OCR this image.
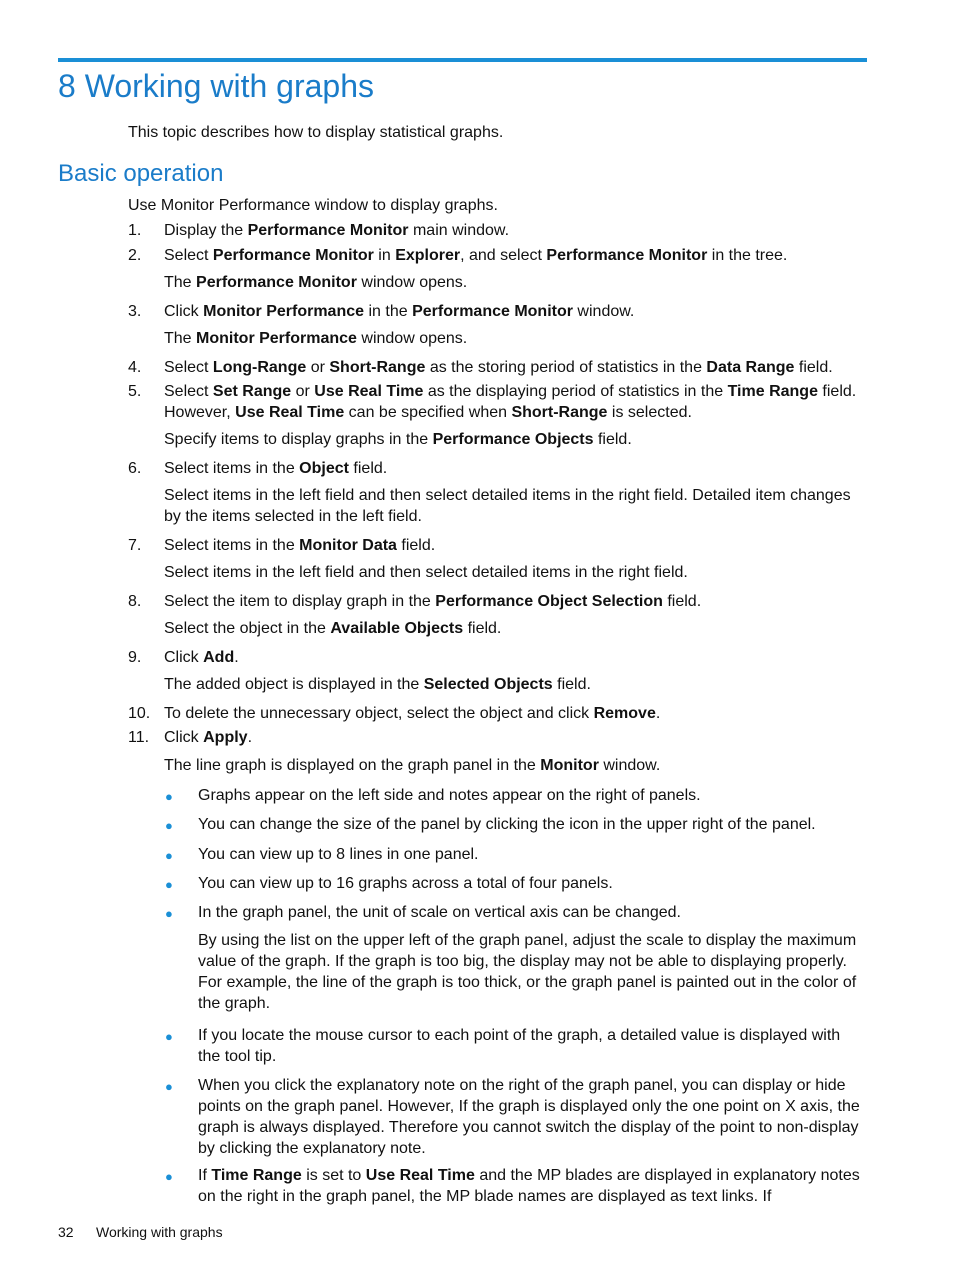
8 Working with graphs

This topic describes how to display statistical graphs.

Basic operation

Use Monitor Performance window to display graphs.

1. Display the Performance Monitor main window.

2. Select Performance Monitor in Explorer, and select Performance Monitor in the tree.

The Performance Monitor window opens.

3. Click Monitor Performance in the Performance Monitor window.

The Monitor Performance window opens.

4. Select Long-Range or Short-Range as the storing period of statistics in the Data Range field.

5. Select Set Range or Use Real Time as the displaying period of statistics in the Time Range field. However, Use Real Time can be specified when Short-Range is selected.

Specify items to display graphs in the Performance Objects field.

6. Select items in the Object field.

Select items in the left field and then select detailed items in the right field. Detailed item changes by the items selected in the left field.

7. Select items in the Monitor Data field.

Select items in the left field and then select detailed items in the right field.

8. Select the item to display graph in the Performance Object Selection field.

Select the object in the Available Objects field.

9. Click Add.

The added object is displayed in the Selected Objects field.

10. To delete the unnecessary object, select the object and click Remove.

11. Click Apply.

The line graph is displayed on the graph panel in the Monitor window.

● Graphs appear on the left side and notes appear on the right of panels.

● You can change the size of the panel by clicking the icon in the upper right of the panel.

● You can view up to 8 lines in one panel.

● You can view up to 16 graphs across a total of four panels.

● In the graph panel, the unit of scale on vertical axis can be changed.

By using the list on the upper left of the graph panel, adjust the scale to display the maximum value of the graph. If the graph is too big, the display may not be able to displaying properly. For example, the line of the graph is too thick, or the graph panel is painted out in the color of the graph.

● If you locate the mouse cursor to each point of the graph, a detailed value is displayed with the tool tip.

● When you click the explanatory note on the right of the graph panel, you can display or hide points on the graph panel. However, If the graph is displayed only the one point on X axis, the graph is always displayed. Therefore you cannot switch the display of the point to non-display by clicking the explanatory note.

● If Time Range is set to Use Real Time and the MP blades are displayed in explanatory notes on the right in the graph panel, the MP blade names are displayed as text links. If

32 Working with graphs
